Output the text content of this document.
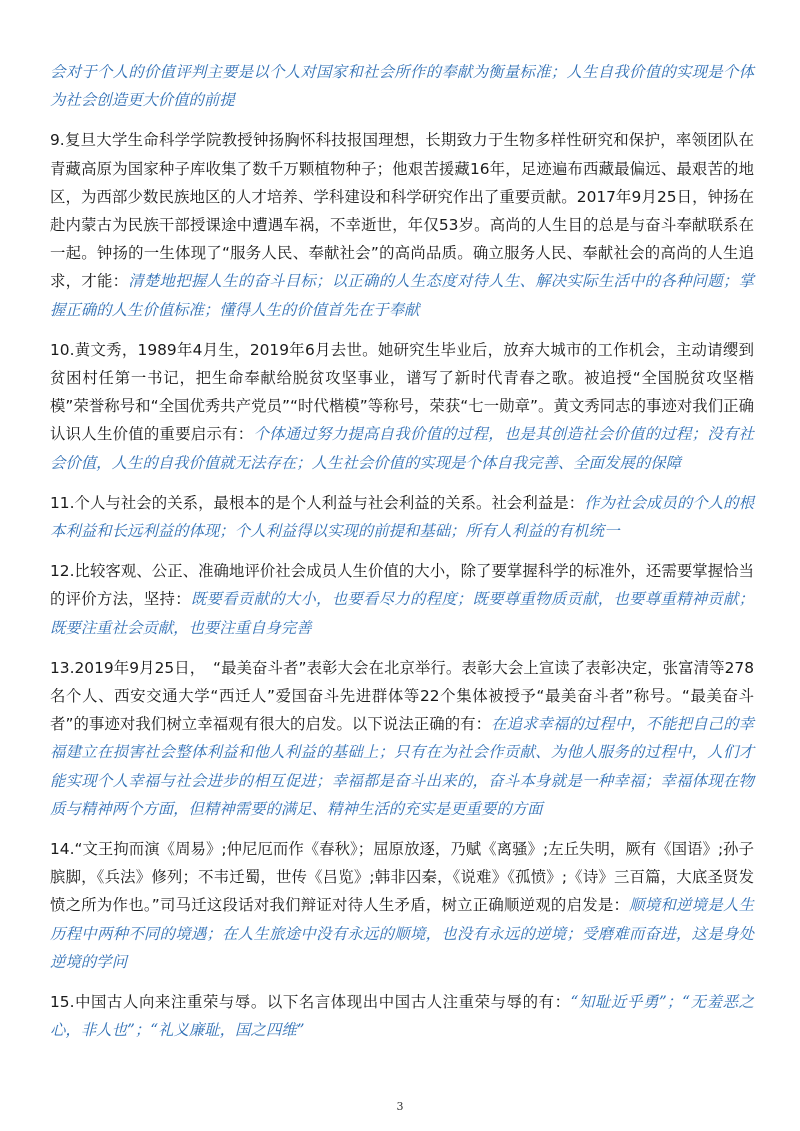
会对于个人的价值评判主要是以个人对国家和社会所作的奉献为衡量标准；人生自我价值的实现是个体为社会创造更大价值的前提

9.复旦大学生命科学学院教授钟扬胸怀科技报国理想，长期致力于生物多样性研究和保护，率领团队在青藏高原为国家种子库收集了数千万颗植物种子；他艰苦援藏16年，足迹遍布西藏最偏远、最艰苦的地区，为西部少数民族地区的人才培养、学科建设和科学研究作出了重要贡献。2017年9月25日，钟扬在赴内蒙古为民族干部授课途中遭遇车祸，不幸逝世，年仅53岁。高尚的人生目的总是与奋斗奉献联系在一起。钟扬的一生体现了“服务人民、奉献社会”的高尚品质。确立服务人民、奉献社会的高尚的人生追求，才能：清楚地把握人生的奋斗目标；以正确的人生态度对待人生、解决实际生活中的各种问题；掌握正确的人生价值标准；懂得人生的价值首先在于奉献

10.黄文秀，1989年4月生，2019年6月去世。她研究生毕业后，放弃大城市的工作机会，主动请缨到贫困村任第一书记，把生命奉献给脱贫攻坚事业，谱写了新时代青春之歌。被追授“全国脱贫攻坚楷模”荣誉称号和“全国优秀共产党员”“时代楷模”等称号，荣获“七一勋章”。黄文秀同志的事迹对我们正确认识人生价值的重要启示有：个体通过努力提高自我价值的过程，也是其创造社会价值的过程；没有社会价值，人生的自我价值就无法存在；人生社会价值的实现是个体自我完善、全面发展的保障

11.个人与社会的关系，最根本的是个人利益与社会利益的关系。社会利益是：作为社会成员的个人的根本利益和长远利益的体现；个人利益得以实现的前提和基础；所有人利益的有机统一

12.比较客观、公正、准确地评价社会成员人生价值的大小，除了要掌握科学的标准外，还需要掌握恰当的评价方法，坚持：既要看贡献的大小，也要看尽力的程度；既要尊重物质贡献，也要尊重精神贡献；既要注重社会贡献，也要注重自身完善

13.2019年9月25日，　“最美奋斗者”表彰大会在北京举行。表彰大会上宣读了表彰决定，张富清等278名个人、西安交通大学“西迁人”爱国奋斗先进群体等22个集体被授予“最美奋斗者”称号。“最美奋斗者”的事迹对我们树立幸福观有很大的启发。以下说法正确的有：在追求幸福的过程中，不能把自己的幸福建立在损害社会整体利益和他人利益的基础上；只有在为社会作贡献、为他人服务的过程中，人们才能实现个人幸福与社会进步的相互促进；幸福都是奋斗出来的，奋斗本身就是一种幸福；幸福体现在物质与精神两个方面，但精神需要的满足、精神生活的充实是更重要的方面

14.“文王拘而演《周易》;仲尼厄而作《春秋》；屈原放逐，乃赋《离骚》;左丘失明，厥有《国语》;孙子膑脚，《兵法》修列；不韦迁蜀，世传《吕览》;韩非囚秦，《说难》《孤愤》;《诗》三百篇，大底圣贤发愤之所为作也。”司马迁这段话对我们辩证对待人生矛盾，树立正确顺逆观的启发是：顺境和逆境是人生历程中两种不同的境遇；在人生旅途中没有永远的顺境，也没有永远的逆境；受磨难而奋进，这是身处逆境的学问

15.中国古人向来注重荣与辱。以下名言体现出中国古人注重荣与辱的有：“知耻近乎勇”；“无羞恶之心，非人也”；“礼义廉耻，国之四维”

3
